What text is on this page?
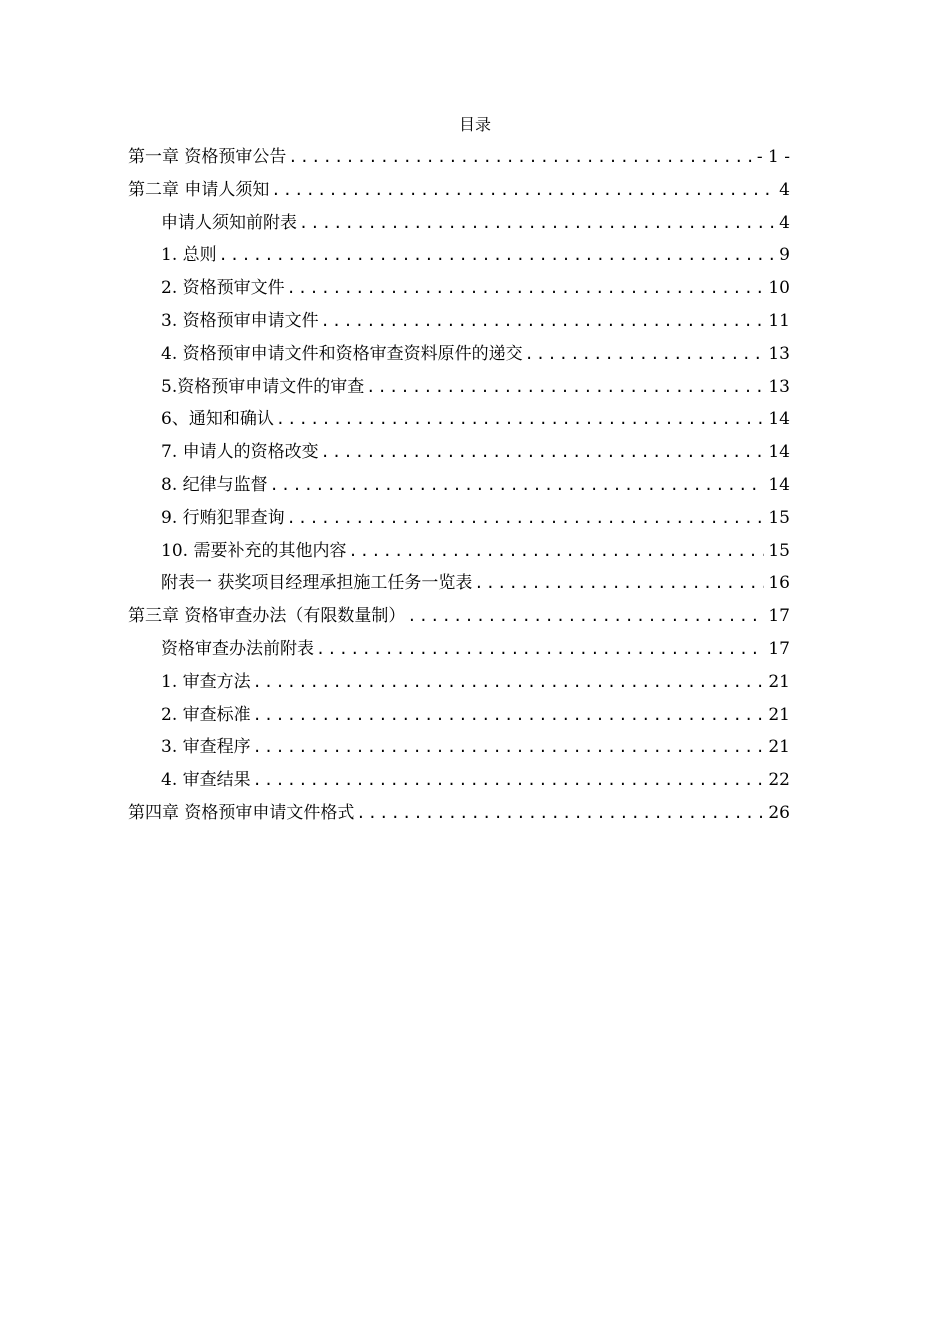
目录
第一章 资格预审公告 .....	- 1 -
第二章 申请人须知 .....	4
申请人须知前附表 .....	4
1. 总则 .....	9
2. 资格预审文件 .....	10
3. 资格预审申请文件 .....	11
4. 资格预审申请文件和资格审查资料原件的递交 .....	13
5.资格预审申请文件的审查 .....	13
6、通知和确认 .....	14
7. 申请人的资格改变 .....	14
8. 纪律与监督 .....	14
9. 行贿犯罪查询 .....	15
10. 需要补充的其他内容 .....	15
附表一 获奖项目经理承担施工任务一览表 .....	16
第三章 资格审查办法（有限数量制） .....	17
资格审查办法前附表 .....	17
1. 审查方法 .....	21
2. 审查标准 .....	21
3. 审查程序 .....	21
4. 审查结果 .....	22
第四章 资格预审申请文件格式 .....	26
